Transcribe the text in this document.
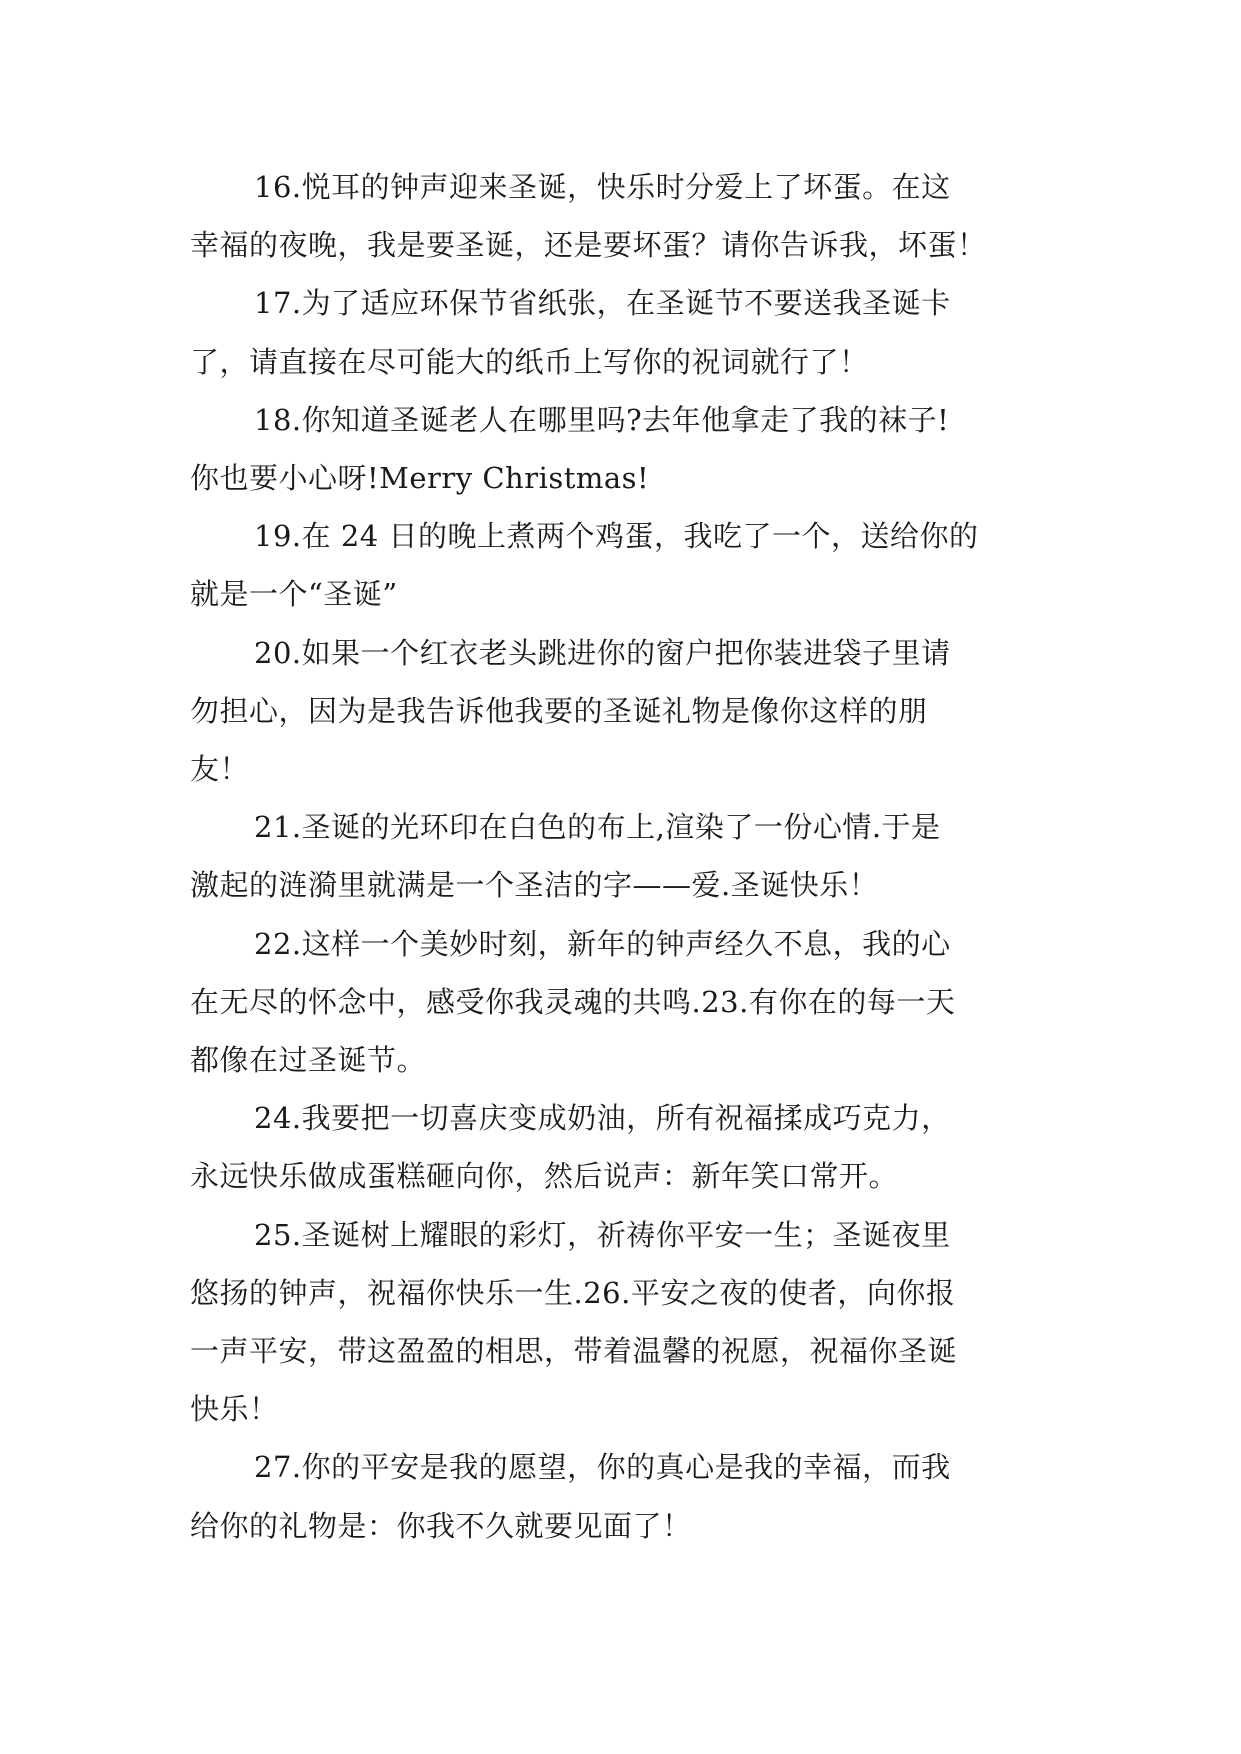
16.悦耳的钟声迎来圣诞，快乐时分爱上了坏蛋。在这
幸福的夜晚，我是要圣诞，还是要坏蛋？请你告诉我，坏蛋！

17.为了适应环保节省纸张，在圣诞节不要送我圣诞卡
了，请直接在尽可能大的纸币上写你的祝词就行了！

18.你知道圣诞老人在哪里吗?去年他拿走了我的袜子!
你也要小心呀!Merry Christmas!

19.在 24 日的晚上煮两个鸡蛋，我吃了一个，送给你的
就是一个“圣诞”

20.如果一个红衣老头跳进你的窗户把你装进袋子里请
勿担心，因为是我告诉他我要的圣诞礼物是像你这样的朋
友！

21.圣诞的光环印在白色的布上,渲染了一份心情.于是
激起的涟漪里就满是一个圣洁的字——爱.圣诞快乐！

22.这样一个美妙时刻，新年的钟声经久不息，我的心
在无尽的怀念中，感受你我灵魂的共鸣.23.有你在的每一天
都像在过圣诞节。

24.我要把一切喜庆变成奶油，所有祝福揉成巧克力，
永远快乐做成蛋糕砸向你，然后说声：新年笑口常开。

25.圣诞树上耀眼的彩灯，祈祷你平安一生；圣诞夜里
悠扬的钟声，祝福你快乐一生.26.平安之夜的使者，向你报
一声平安，带这盈盈的相思，带着温馨的祝愿，祝福你圣诞
快乐！

27.你的平安是我的愿望，你的真心是我的幸福，而我
给你的礼物是：你我不久就要见面了！
